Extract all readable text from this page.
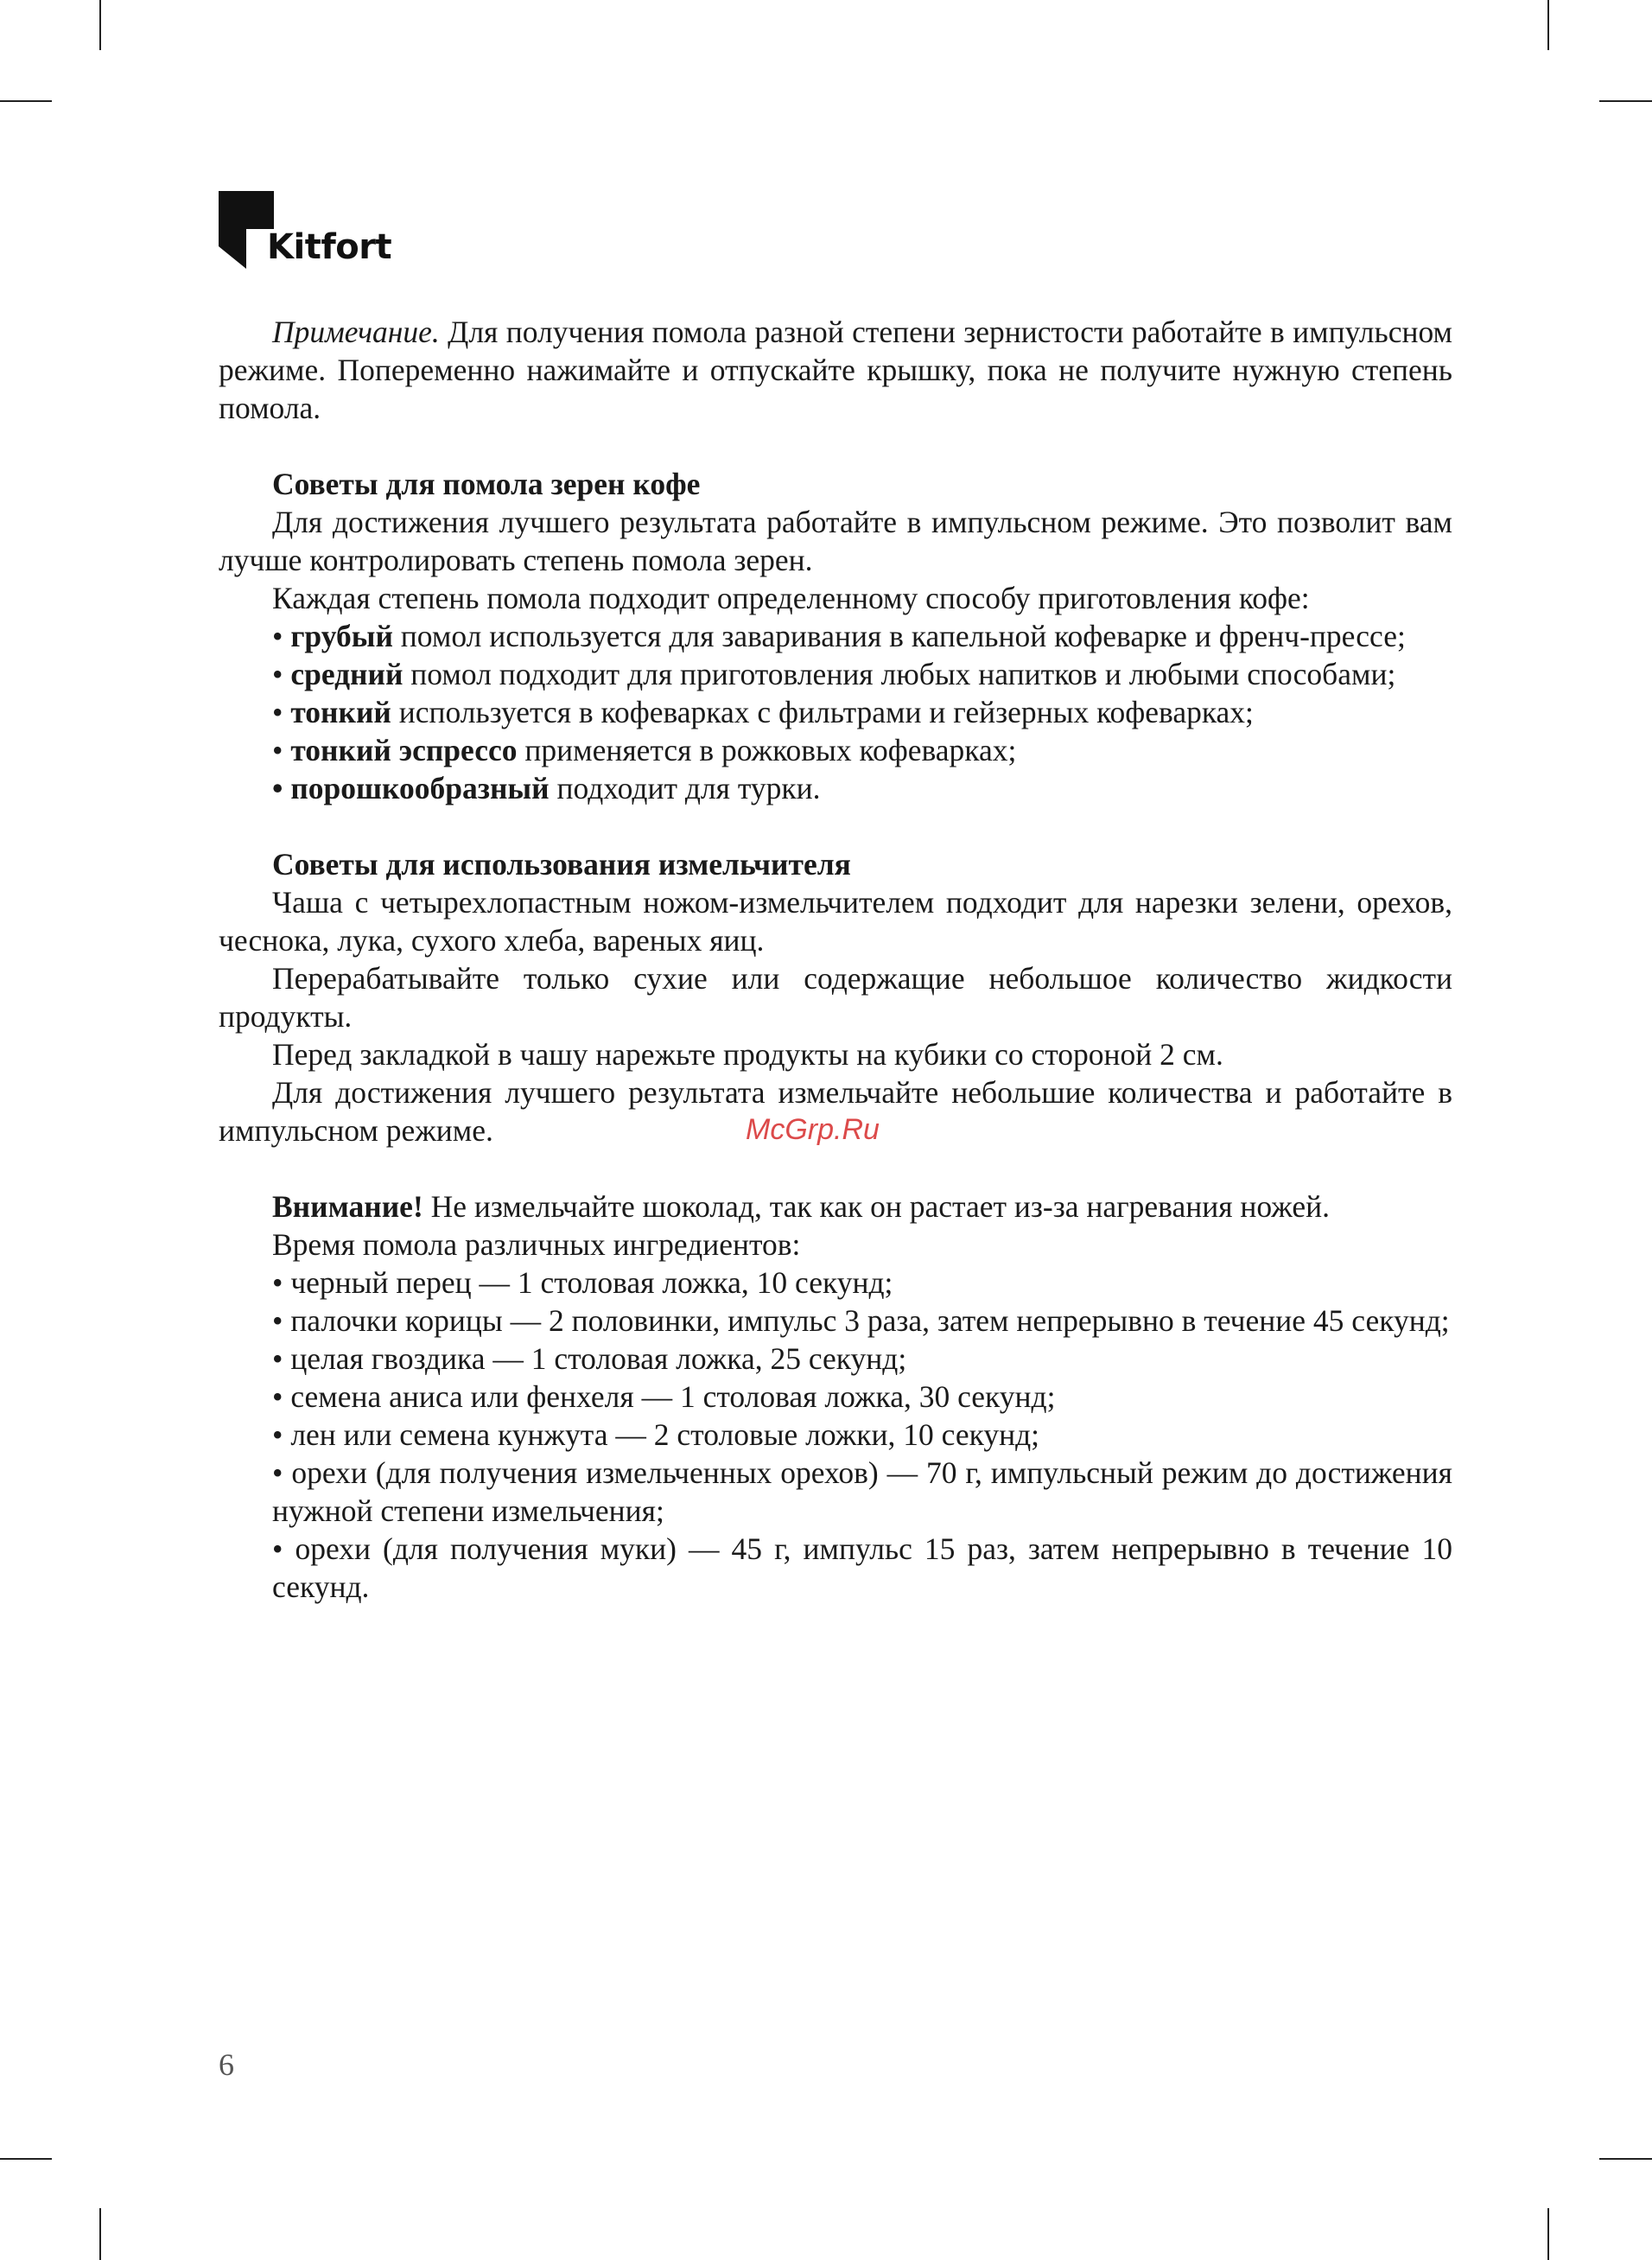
Kitfort

Примечание. Для получения помола разной степени зернистости работайте в импульсном режиме. Попеременно нажимайте и отпускайте крышку, пока не получите нужную степень помола.

Советы для помола зерен кофе

Для достижения лучшего результата работайте в импульсном режиме. Это позволит вам лучше контролировать степень помола зерен.

Каждая степень помола подходит определенному способу приготовления кофе:

• грубый помол используется для заваривания в капельной кофеварке и френч-прессе;

• средний помол подходит для приготовления любых напитков и любыми способами;

• тонкий используется в кофеварках с фильтрами и гейзерных кофеварках;

• тонкий эспрессо применяется в рожковых кофеварках;

• порошкообразный подходит для турки.

Советы для использования измельчителя

Чаша с четырехлопастным ножом-измельчителем подходит для нарезки зелени, орехов, чеснока, лука, сухого хлеба, вареных яиц.

Перерабатывайте только сухие или содержащие небольшое количество жидкости продукты.

Перед закладкой в чашу нарежьте продукты на кубики со стороной 2 см.

Для достижения лучшего результата измельчайте небольшие количества и работайте в импульсном режиме.

Внимание! Не измельчайте шоколад, так как он растает из-за нагревания ножей.

Время помола различных ингредиентов:

• черный перец — 1 столовая ложка, 10 секунд;

• палочки корицы — 2 половинки, импульс 3 раза, затем непрерывно в течение 45 секунд;

• целая гвоздика — 1 столовая ложка, 25 секунд;

• семена аниса или фенхеля — 1 столовая ложка, 30 секунд;

• лен или семена кунжута — 2 столовые ложки, 10 секунд;

• орехи (для получения измельченных орехов) — 70 г, импульсный режим до достижения нужной степени измельчения;

• орехи (для получения муки) — 45 г, импульс 15 раз, затем непрерывно в течение 10 секунд.

McGrp.Ru
6
